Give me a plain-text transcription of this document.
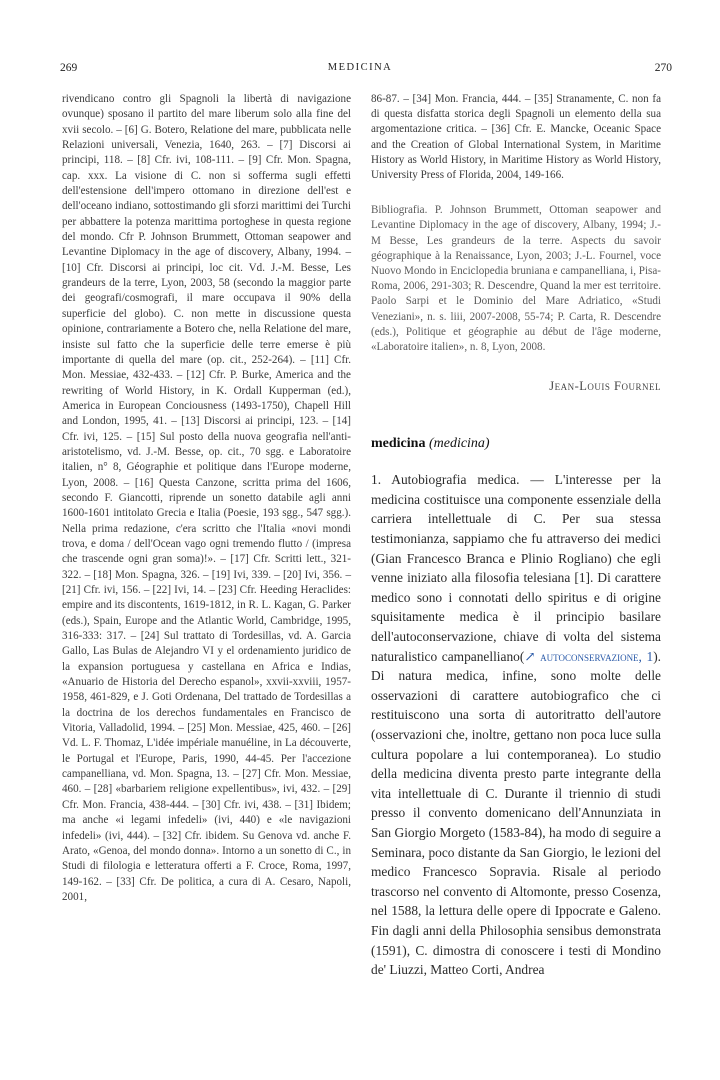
269	MEDICINA	270

rivendicano contro gli Spagnoli la libertà di navigazione ovunque) sposano il partito del mare liberum solo alla fine del xvii secolo. – [6] G. Botero, Relatione del mare, pubblicata nelle Relazioni universali, Venezia, 1640, 263. – [7] Discorsi ai principi, 118. – [8] Cfr. ivi, 108-111. – [9] Cfr. Mon. Spagna, cap. xxx. La visione di C. non si sofferma sugli effetti dell'estensione dell'impero ottomano in direzione dell'est e dell'oceano indiano, sottostimando gli sforzi marittimi dei Turchi per abbattere la potenza marittima portoghese in questa regione del mondo. Cfr P. Johnson Brummett, Ottoman seapower and Levantine Diplomacy in the age of discovery, Albany, 1994. – [10] Cfr. Discorsi ai principi, loc cit. Vd. J.-M. Besse, Les grandeurs de la terre, Lyon, 2003, 58 (secondo la maggior parte dei geografi/cosmografi, il mare occupava il 90% della superficie del globo). C. non mette in discussione questa opinione, contrariamente a Botero che, nella Relatione del mare, insiste sul fatto che la superficie delle terre emerse è più importante di quella del mare (op. cit., 252-264). – [11] Cfr. Mon. Messiae, 432-433. – [12] Cfr. P. Burke, America and the rewriting of World History, in K. Ordall Kupperman (ed.), America in European Conciousness (1493-1750), Chapell Hill and London, 1995, 41. – [13] Discorsi ai principi, 123. – [14] Cfr. ivi, 125. – [15] Sul posto della nuova geografia nell'anti-aristotelismo, vd. J.-M. Besse, op. cit., 70 sgg. e Laboratoire italien, n° 8, Géographie et politique dans l'Europe moderne, Lyon, 2008. – [16] Questa Canzone, scritta prima del 1606, secondo F. Giancotti, riprende un sonetto databile agli anni 1600-1601 intitolato Grecia e Italia (Poesie, 193 sgg., 547 sgg.). Nella prima redazione, c'era scritto che l'Italia «novi mondi trova, e doma / dell'Ocean vago ogni tremendo flutto / (impresa che trascende ogni gran soma)!». – [17] Cfr. Scritti lett., 321-322. – [18] Mon. Spagna, 326. – [19] Ivi, 339. – [20] Ivi, 356. – [21] Cfr. ivi, 156. – [22] Ivi, 14. – [23] Cfr. Heeding Heraclides: empire and its discontents, 1619-1812, in R. L. Kagan, G. Parker (eds.), Spain, Europe and the Atlantic World, Cambridge, 1995, 316-333: 317. – [24] Sul trattato di Tordesillas, vd. A. Garcia Gallo, Las Bulas de Alejandro VI y el ordenamiento juridico de la expansion portuguesa y castellana en Africa e Indias, «Anuario de Historia del Derecho espanol», xxvii-xxviii, 1957-1958, 461-829, e J. Goti Ordenana, Del trattado de Tordesillas a la doctrina de los derechos fundamentales en Francisco de Vitoria, Valladolid, 1994. – [25] Mon. Messiae, 425, 460. – [26] Vd. L. F. Thomaz, L'idée impériale manuéline, in La découverte, le Portugal et l'Europe, Paris, 1990, 44-45. Per l'accezione campanelliana, vd. Mon. Spagna, 13. – [27] Cfr. Mon. Messiae, 460. – [28] «barbariem religione expellentibus», ivi, 432. – [29] Cfr. Mon. Francia, 438-444. – [30] Cfr. ivi, 438. – [31] Ibidem; ma anche «i legami infedeli» (ivi, 440) e «le navigazioni infedeli» (ivi, 444). – [32] Cfr. ibidem. Su Genova vd. anche F. Arato, «Genoa, del mondo donna». Intorno a un sonetto di C., in Studi di filologia e letteratura offerti a F. Croce, Roma, 1997, 149-162. – [33] Cfr. De politica, a cura di A. Cesaro, Napoli, 2001,

86-87. – [34] Mon. Francia, 444. – [35] Stranamente, C. non fa di questa disfatta storica degli Spagnoli un elemento della sua argomentazione critica. – [36] Cfr. E. Mancke, Oceanic Space and the Creation of Global International System, in Maritime History as World History, in Maritime History as World History, University Press of Florida, 2004, 149-166.

Bibliografia. P. Johnson Brummett, Ottoman seapower and Levantine Diplomacy in the age of discovery, Albany, 1994; J.-M Besse, Les grandeurs de la terre. Aspects du savoir géographique à la Renaissance, Lyon, 2003; J.-L. Fournel, voce Nuovo Mondo in Enciclopedia bruniana e campanelliana, i, Pisa-Roma, 2006, 291-303; R. Descendre, Quand la mer est territoire. Paolo Sarpi et le Dominio del Mare Adriatico, «Studi Veneziani», n. s. liii, 2007-2008, 55-74; P. Carta, R. Descendre (eds.), Politique et géographie au début de l'âge moderne, «Laboratoire italien», n. 8, Lyon, 2008.

Jean-Louis Fournel
medicina (medicina)

1. Autobiografia medica. — L'interesse per la medicina costituisce una componente essenziale della carriera intellettuale di C. Per sua stessa testimonianza, sappiamo che fu attraverso dei medici (Gian Francesco Branca e Plinio Rogliano) che egli venne iniziato alla filosofia telesiana [1]. Di carattere medico sono i connotati dello spiritus e di origine squisitamente medica è il principio basilare dell'autoconservazione, chiave di volta del sistema naturalistico campanelliano(↗ autoconservazione, 1). Di natura medica, infine, sono molte delle osservazioni di carattere autobiografico che ci restituiscono una sorta di autoritratto dell'autore (osservazioni che, inoltre, gettano non poca luce sulla cultura popolare a lui contemporanea). Lo studio della medicina diventa presto parte integrante della vita intellettuale di C. Durante il triennio di studi presso il convento domenicano dell'Annunziata in San Giorgio Morgeto (1583-84), ha modo di seguire a Seminara, poco distante da San Giorgio, le lezioni del medico Francesco Sopravia. Risale al periodo trascorso nel convento di Altomonte, presso Cosenza, nel 1588, la lettura delle opere di Ippocrate e Galeno. Fin dagli anni della Philosophia sensibus demonstrata (1591), C. dimostra di conoscere i testi di Mondino de' Liuzzi, Matteo Corti, Andrea
